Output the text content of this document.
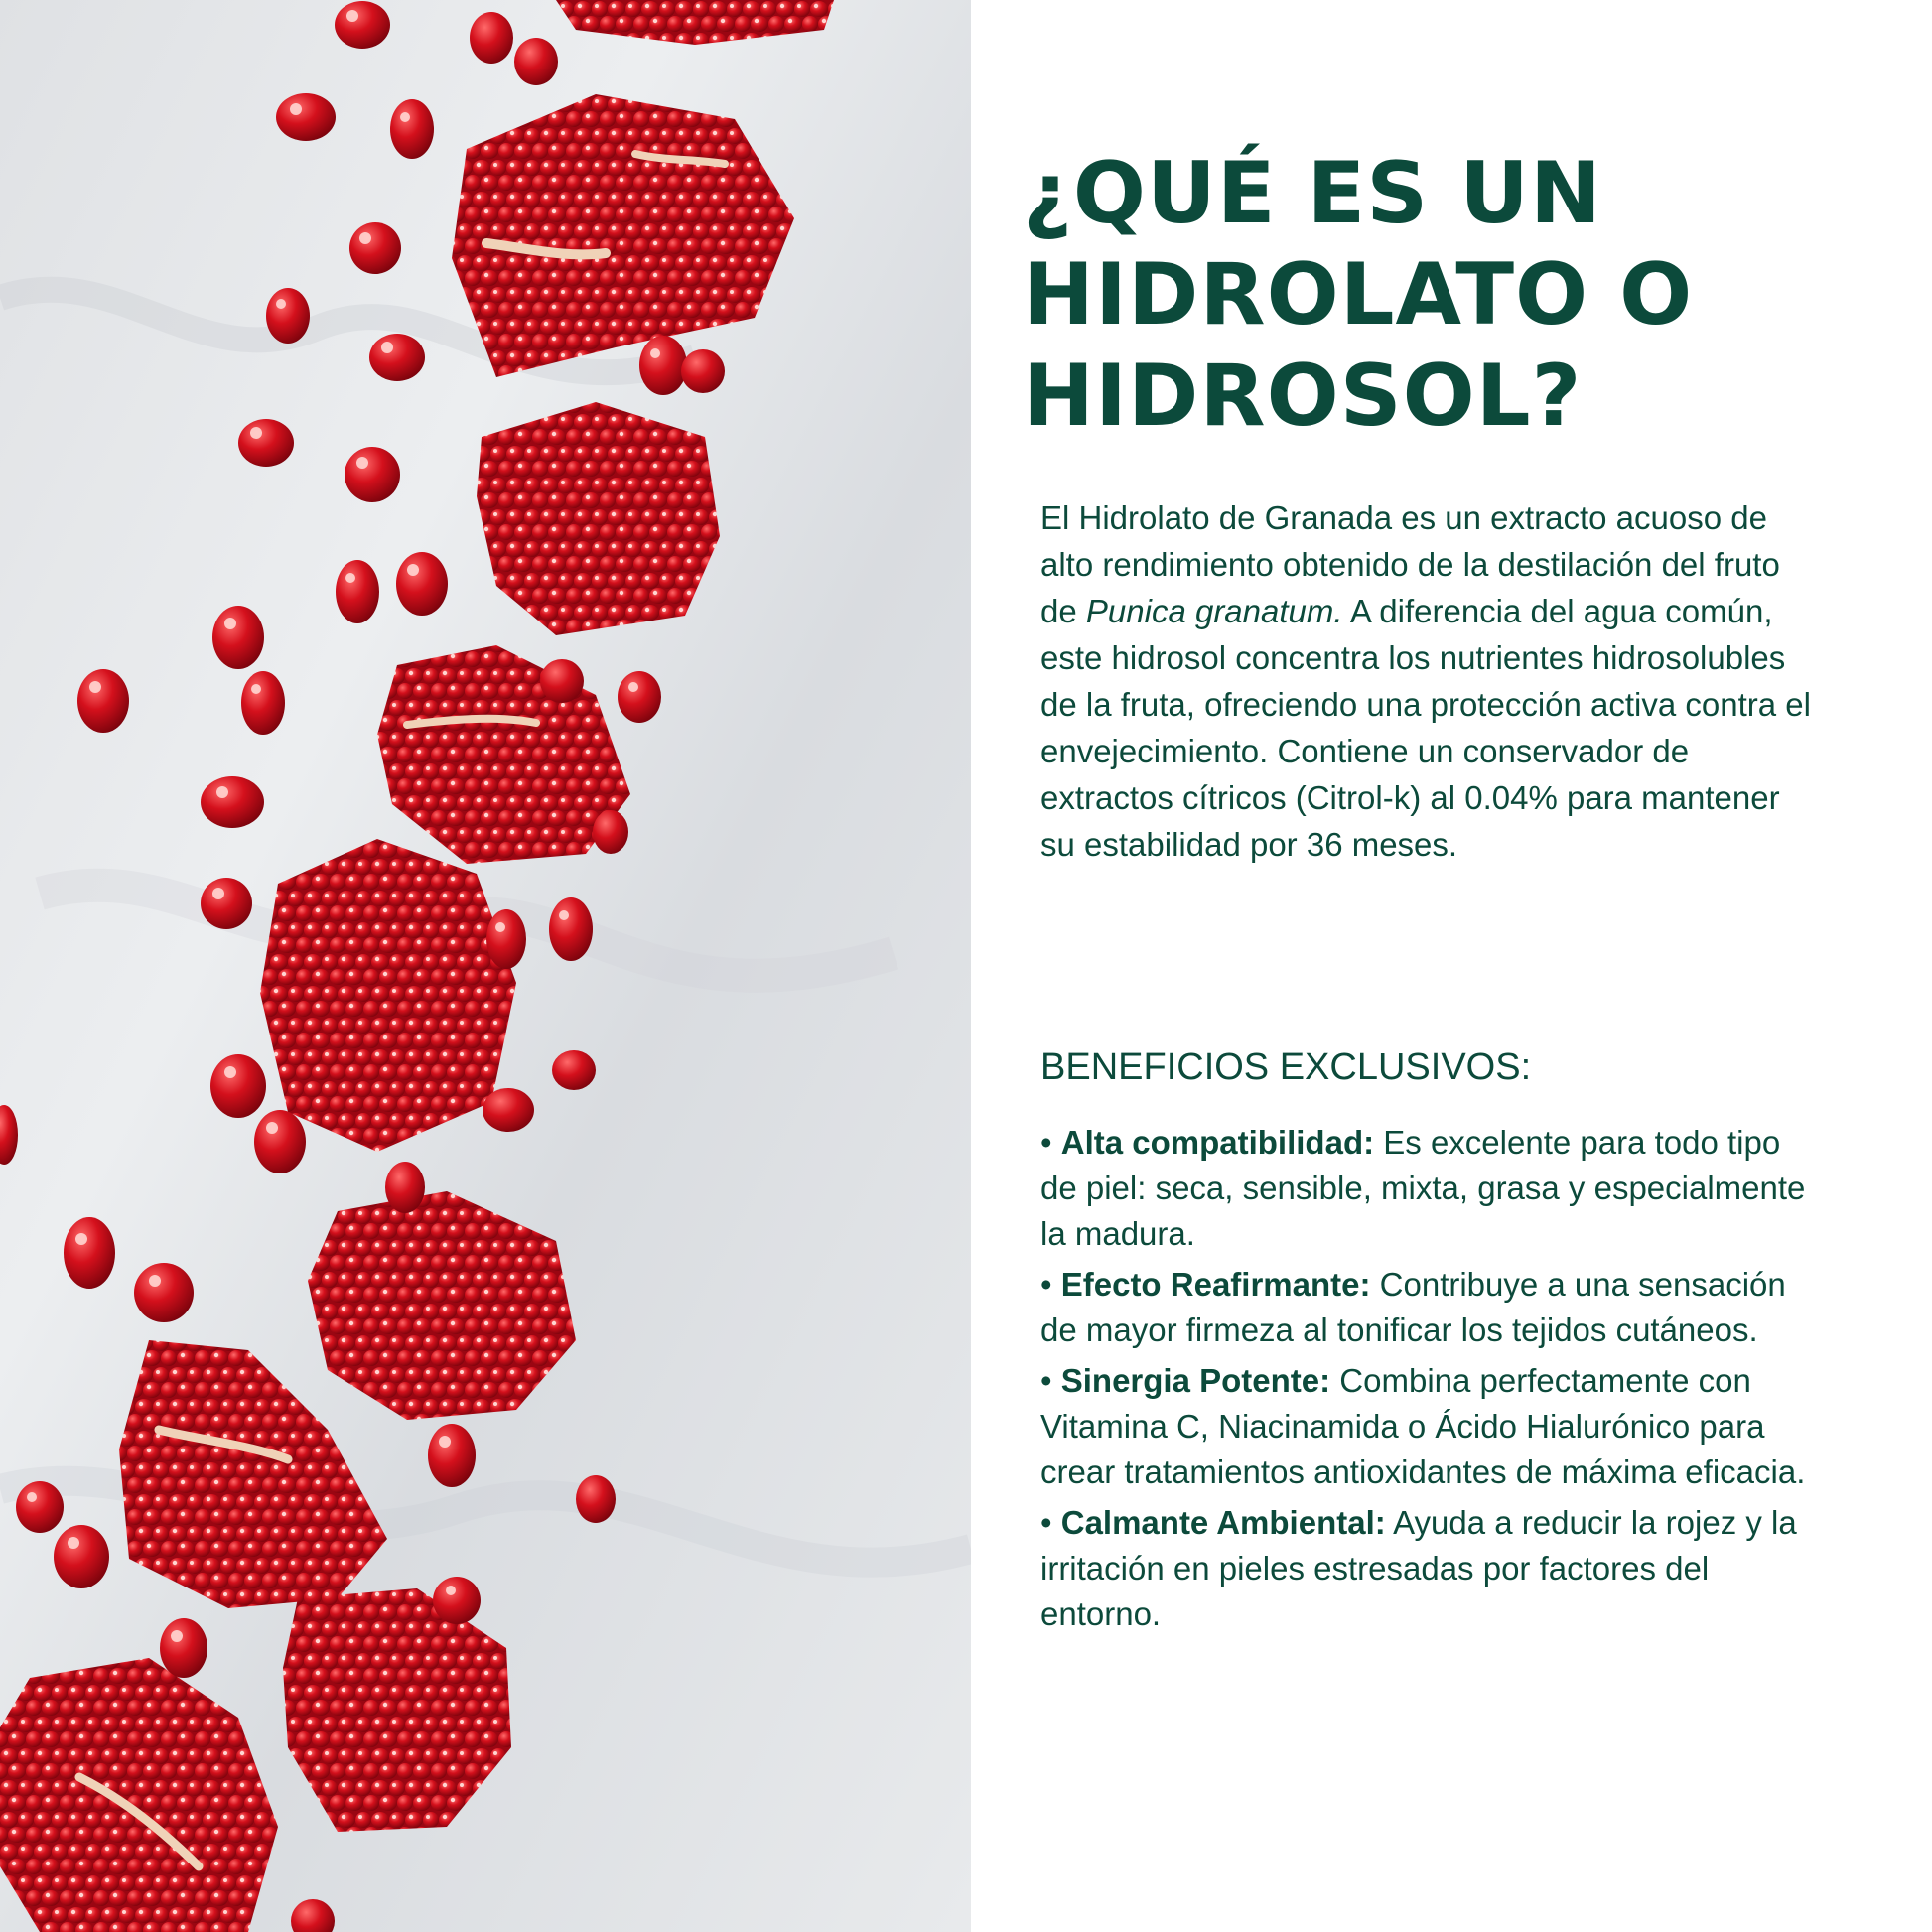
¿QUÉ ES UN
HIDROLATO O
HIDROSOL?

El Hidrolato de Granada es un extracto acuoso de alto rendimiento obtenido de la destilación del fruto de Punica granatum. A diferencia del agua común, este hidrosol concentra los nutrientes hidrosolubles de la fruta, ofreciendo una protección activa contra el envejecimiento. Contiene un conservador de extractos cítricos (Citrol-k) al 0.04% para mantener su estabilidad por 36 meses.

BENEFICIOS EXCLUSIVOS:
• Alta compatibilidad: Es excelente para todo tipo de piel: seca, sensible, mixta, grasa y especialmente la madura.
• Efecto Reafirmante: Contribuye a una sensación de mayor firmeza al tonificar los tejidos cutáneos.
• Sinergia Potente: Combina perfectamente con Vitamina C, Niacinamida o Ácido Hialurónico para crear tratamientos antioxidantes de máxima eficacia.
• Calmante Ambiental: Ayuda a reducir la rojez y la irritación en pieles estresadas por factores del entorno.
